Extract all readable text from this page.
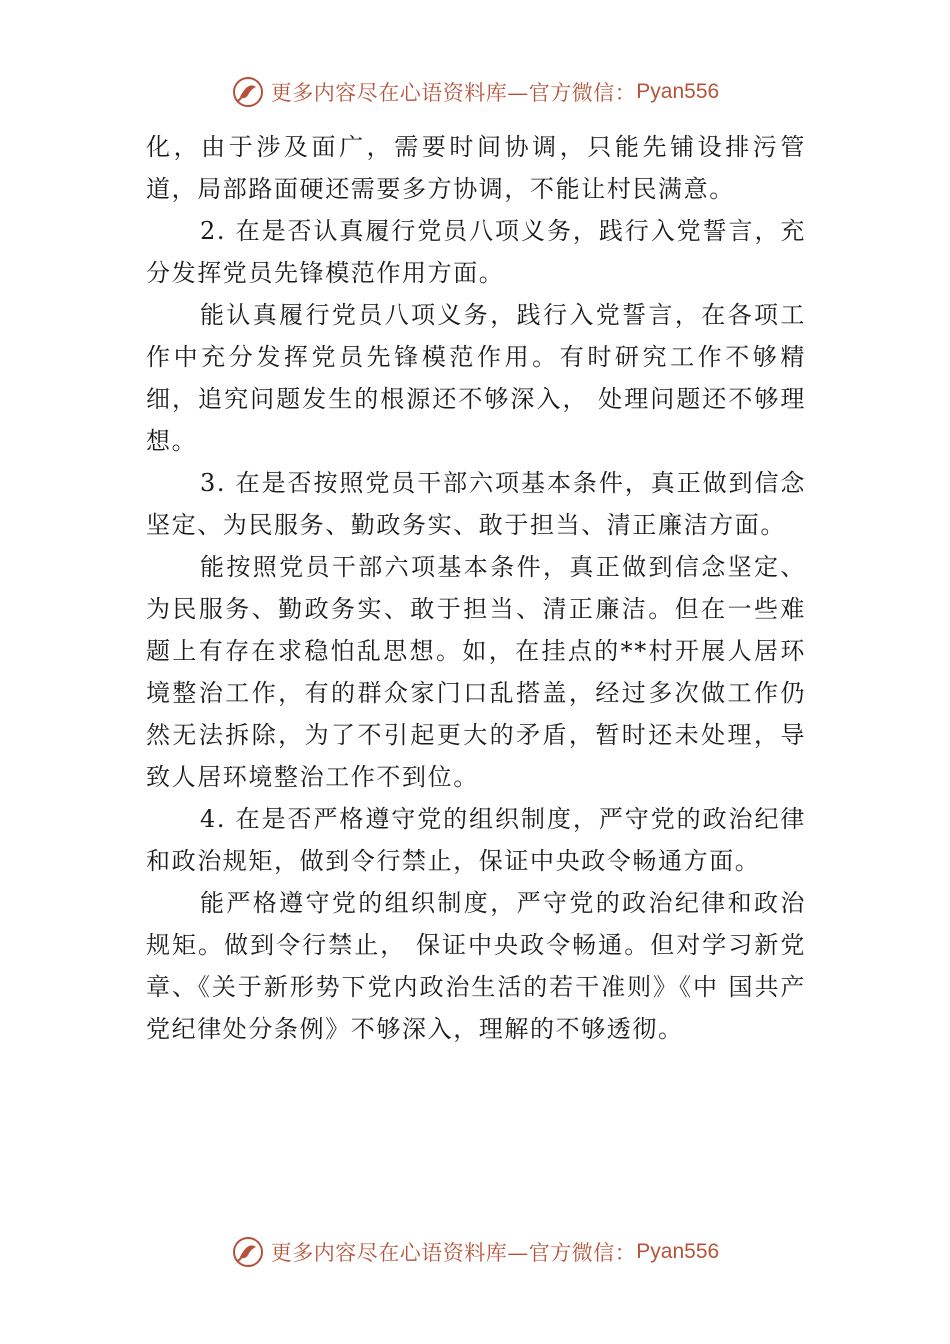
更多内容尽在心语资料库—官方微信： Pyan556

化，由于涉及面广，需要时间协调，只能先铺设排污管道，局部路面硬还需要多方协调，不能让村民满意。

2. 在是否认真履行党员八项义务，践行入党誓言，充分发挥党员先锋模范作用方面。

能认真履行党员八项义务，践行入党誓言，在各项工作中充分发挥党员先锋模范作用。有时研究工作不够精细，追究问题发生的根源还不够深入， 处理问题还不够理想。

3. 在是否按照党员干部六项基本条件，真正做到信念坚定、为民服务、勤政务实、敢于担当、清正廉洁方面。

能按照党员干部六项基本条件，真正做到信念坚定、为民服务、勤政务实、敢于担当、清正廉洁。但在一些难题上有存在求稳怕乱思想。如，在挂点的**村开展人居环境整治工作，有的群众家门口乱搭盖，经过多次做工作仍然无法拆除，为了不引起更大的矛盾，暂时还未处理，导致人居环境整治工作不到位。

4. 在是否严格遵守党的组织制度，严守党的政治纪律和政治规矩，做到令行禁止，保证中央政令畅通方面。

能严格遵守党的组织制度，严守党的政治纪律和政治规矩。做到令行禁止， 保证中央政令畅通。但对学习新党章、《关于新形势下党内政治生活的若干准则》《中 国共产党纪律处分条例》不够深入，理解的不够透彻。

更多内容尽在心语资料库—官方微信： Pyan556
